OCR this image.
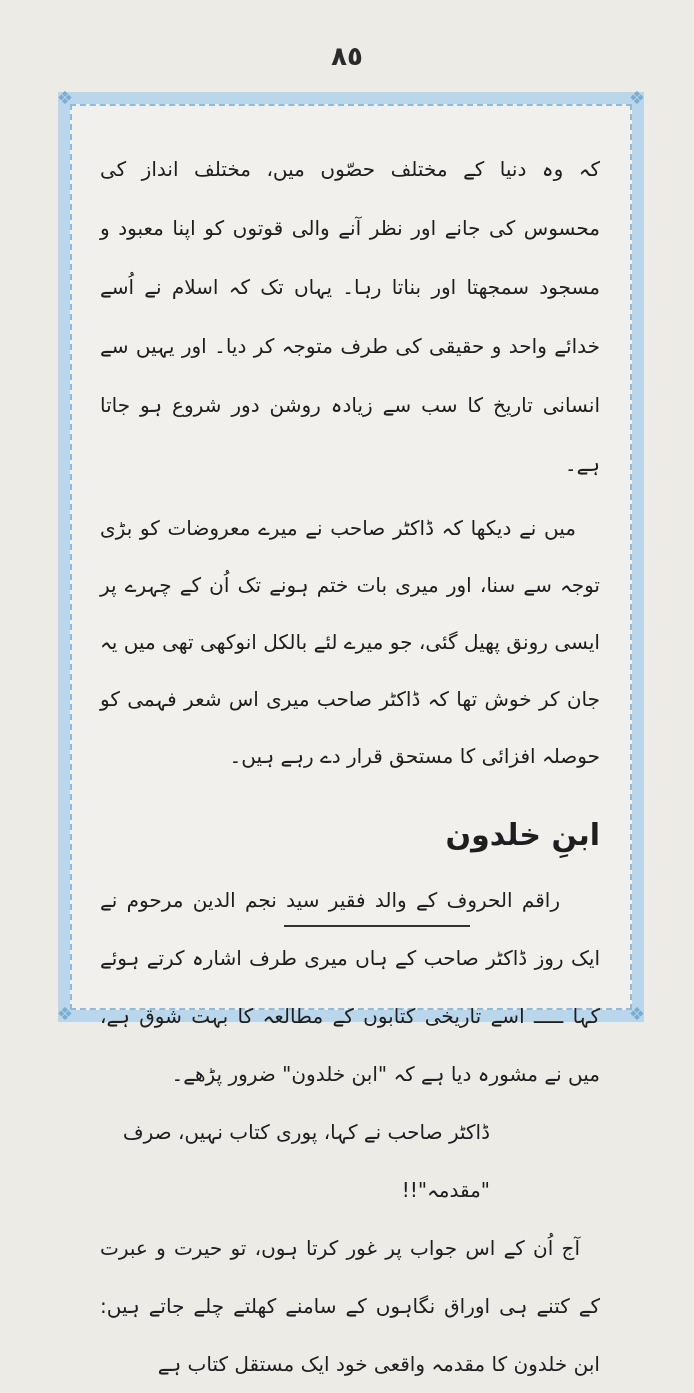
٨٥
❖	❖
❖	❖

کہ وہ دنیا کے مختلف حصّوں میں، مختلف انداز کی محسوس کی جانے اور نظر آنے والی قوتوں کو اپنا معبود و مسجود سمجھتا اور بناتا رہا۔ یہاں تک کہ اسلام نے اُسے خدائے واحد و حقیقی کی طرف متوجہ کر دیا۔ اور یہیں سے انسانی تاریخ کا سب سے زیادہ روشن دور شروع ہو جاتا ہے۔

میں نے دیکھا کہ ڈاکٹر صاحب نے میرے معروضات کو بڑی توجہ سے سنا، اور میری بات ختم ہونے تک اُن کے چہرے پر ایسی رونق پھیل گئی، جو میرے لئے بالکل انوکھی تھی میں یہ جان کر خوش تھا کہ ڈاکٹر صاحب میری اس شعر فہمی کو حوصلہ افزائی کا مستحق قرار دے رہے ہیں۔

ابنِ خلدون

راقم الحروف کے والد فقیر سید نجم الدین مرحوم نے ایک روز ڈاکٹر صاحب کے ہاں میری طرف اشارہ کرتے ہوئے کہا ـــــ اسے تاریخی کتابوں کے مطالعہ کا بہت شوق ہے، میں نے مشورہ دیا ہے کہ "ابن خلدون" ضرور پڑھے۔

ڈاکٹر صاحب نے کہا، پوری کتاب نہیں، صرف "مقدمہ"!!

آج اُن کے اس جواب پر غور کرتا ہوں، تو حیرت و عبرت کے کتنے ہی اوراق نگاہوں کے سامنے کھلتے چلے جاتے ہیں: ابن خلدون کا مقدمہ واقعی خود ایک مستقل کتاب ہے
